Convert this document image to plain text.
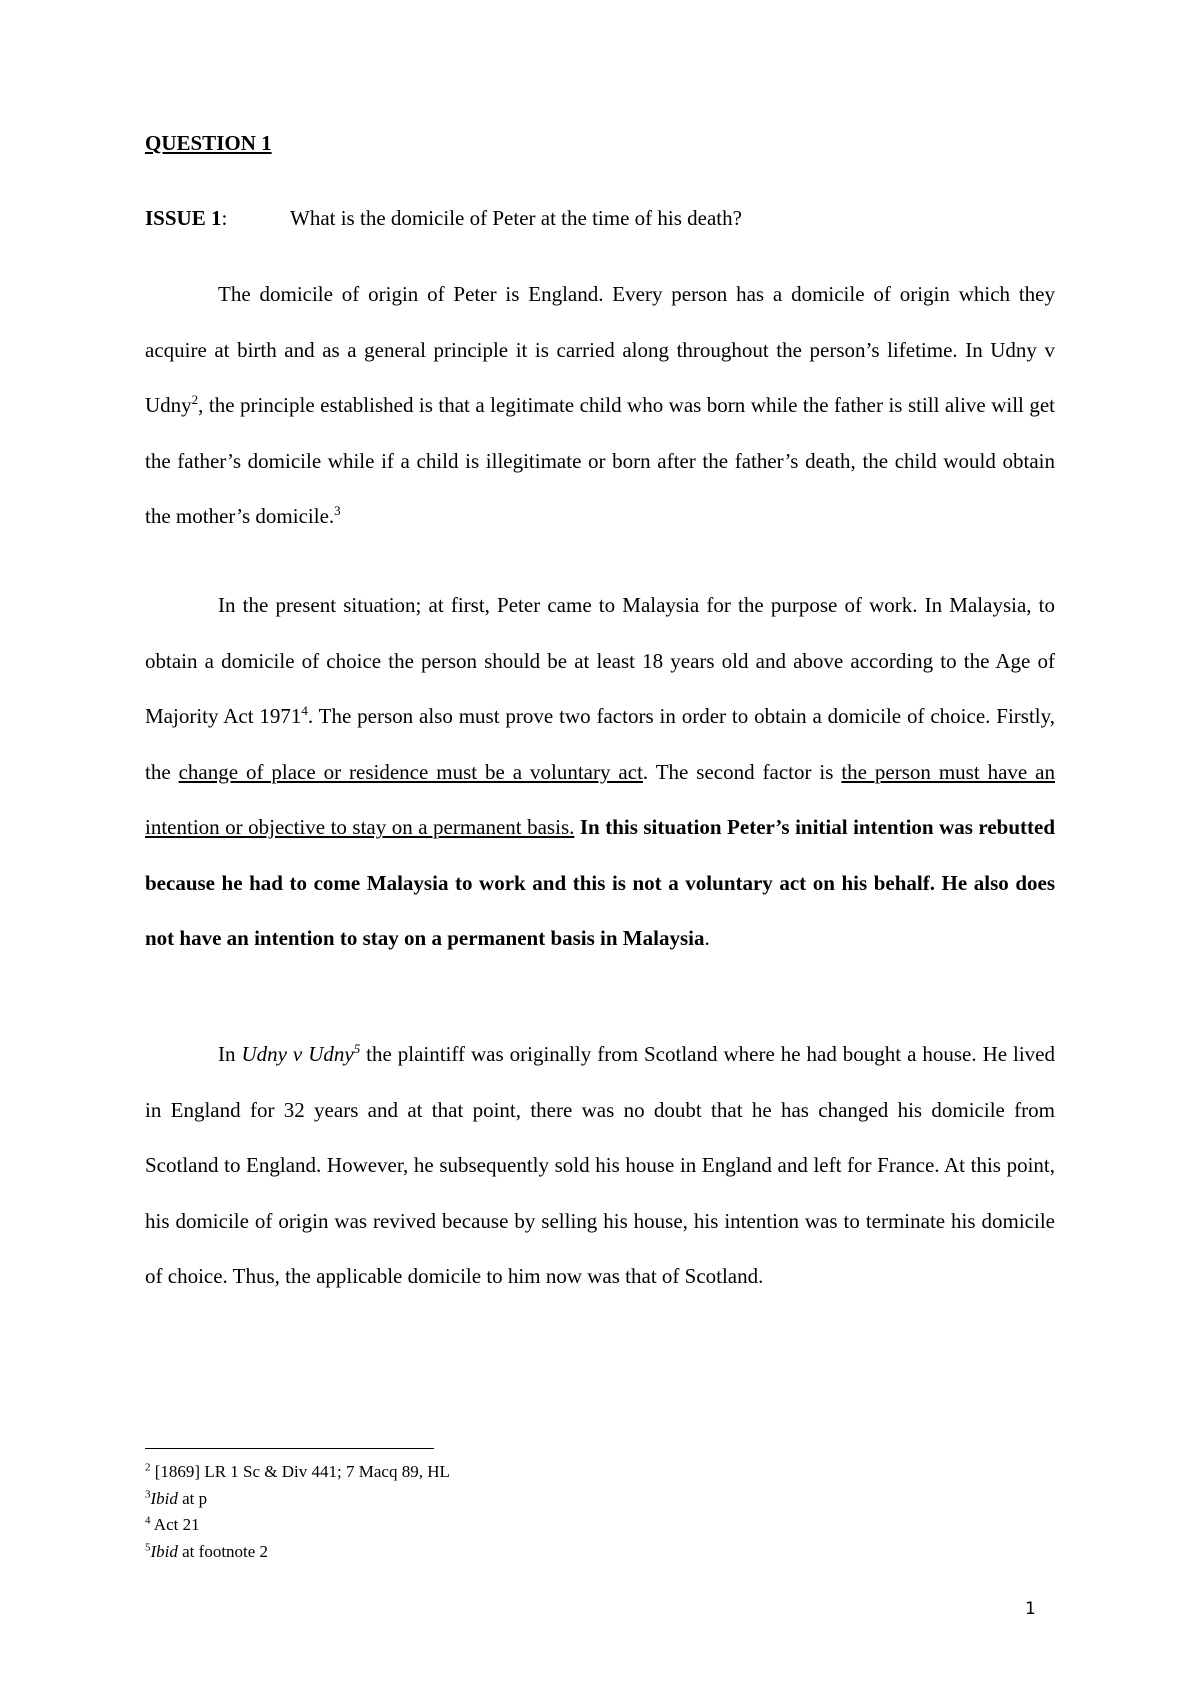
QUESTION 1
ISSUE 1:	What is the domicile of Peter at the time of his death?

The domicile of origin of Peter is England. Every person has a domicile of origin which they acquire at birth and as a general principle it is carried along throughout the person’s lifetime. In Udny v Udny$^2$, the principle established is that a legitimate child who was born while the father is still alive will get the father’s domicile while if a child is illegitimate or born after the father’s death, the child would obtain the mother’s domicile.$^3$

In the present situation; at first, Peter came to Malaysia for the purpose of work. In Malaysia, to obtain a domicile of choice the person should be at least 18 years old and above according to the Age of Majority Act 1971$^4$. The person also must prove two factors in order to obtain a domicile of choice. Firstly, the change of place or residence must be a voluntary act. The second factor is the person must have an intention or objective to stay on a permanent basis. In this situation Peter’s initial intention was rebutted because he had to come Malaysia to work and this is not a voluntary act on his behalf. He also does not have an intention to stay on a permanent basis in Malaysia.

In Udny v Udny$^5$ the plaintiff was originally from Scotland where he had bought a house. He lived in England for 32 years and at that point, there was no doubt that he has changed his domicile from Scotland to England. However, he subsequently sold his house in England and left for France. At this point, his domicile of origin was revived because by selling his house, his intention was to terminate his domicile of choice. Thus, the applicable domicile to him now was that of Scotland.

$^2$ [1869] LR 1 Sc & Div 441; 7 Macq 89, HL
$^3$Ibid at p
$^4$ Act 21
$^5$Ibid at footnote 2
1
